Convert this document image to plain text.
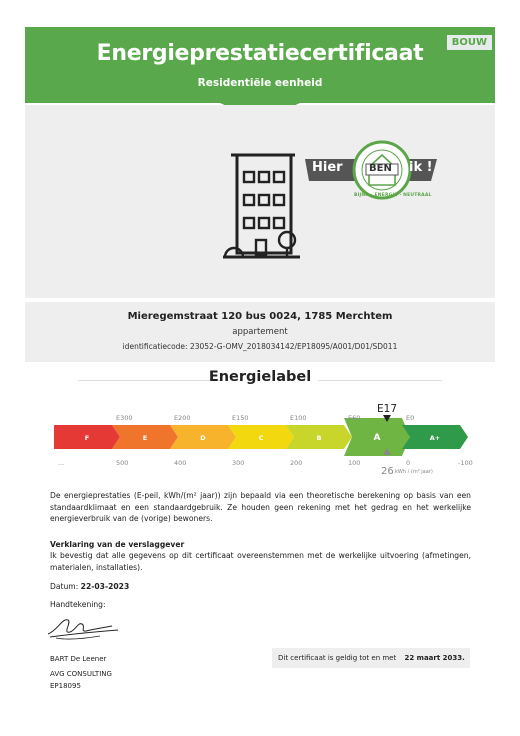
Energieprestatiecertificaat
Residentiële eenheid
BOUW
Hier	BEN ik !
BIJNA · ENERGIE · NEUTRAAL
Mieregemstraat 120 bus 0024, 1785 Merchtem
appartement
identificatiecode: 23052-G-OMV_2018034142/EP18095/A001/D01/SD011
Energielabel
F
...
E
E300
500
D
E200
400
C
E150
300
B
E100
200
A
E60
100
A+
E0
0	-100
E17
26 kWh / (m² jaar)
De energieprestaties (E-peil, kWh/(m² jaar)) zijn bepaald via een theoretische berekening op basis van een standaardklimaat en een standaardgebruik. Ze houden geen rekening met het gedrag en het werkelijke energieverbruik van de (vorige) bewoners.
Verklaring van de verslaggever
Ik bevestig dat alle gegevens op dit certificaat overeenstemmen met de werkelijke uitvoering (afmetingen, materialen, installaties).
Datum: 22-03-2023
Handtekening:
BART De Leener
AVG CONSULTING
EP18095
Dit certificaat is geldig tot en met 22 maart 2033.
